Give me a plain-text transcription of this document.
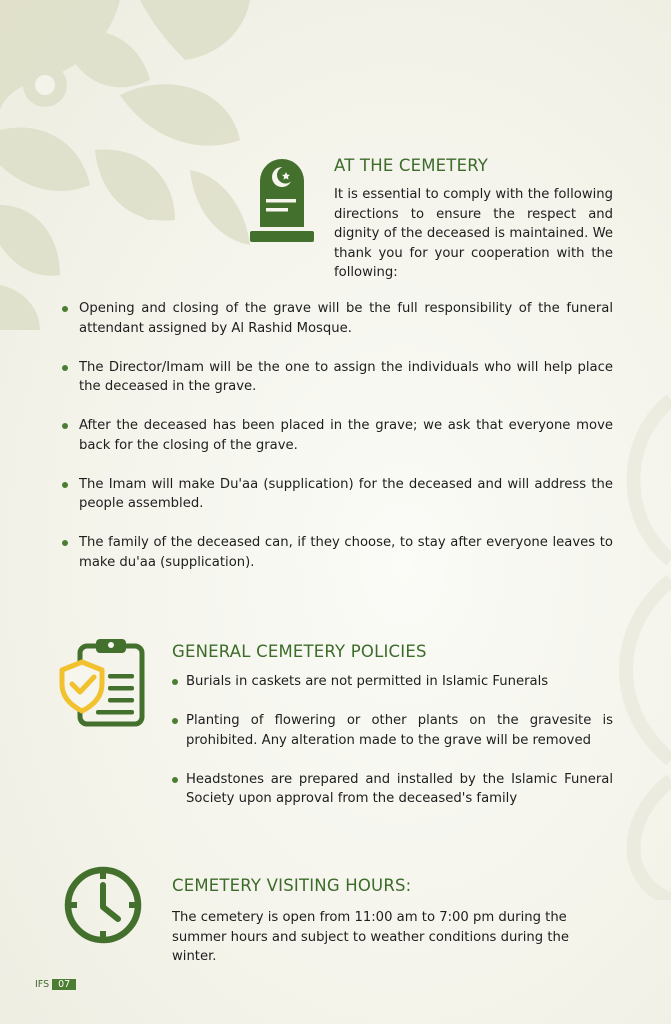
AT THE CEMETERY

It is essential to comply with the following directions to ensure the respect and dignity of the deceased is maintained. We thank you for your cooperation with the following:

Opening and closing of the grave will be the full responsibility of the funeral attendant assigned by Al Rashid Mosque.
The Director/Imam will be the one to assign the individuals who will help place the deceased in the grave.
After the deceased has been placed in the grave; we ask that everyone move back for the closing of the grave.
The Imam will make Du'aa (supplication) for the deceased and will address the people assembled.
The family of the deceased can, if they choose, to stay after everyone leaves to make du'aa (supplication).
GENERAL CEMETERY POLICIES
Burials in caskets are not permitted in Islamic Funerals
Planting of flowering or other plants on the gravesite is prohibited. Any alteration made to the grave will be removed
Headstones are prepared and installed by the Islamic Funeral Society upon approval from the deceased's family
CEMETERY VISITING HOURS:

The cemetery is open from 11:00 am to 7:00 pm during the summer hours and subject to weather conditions during the winter.

IFS 07
